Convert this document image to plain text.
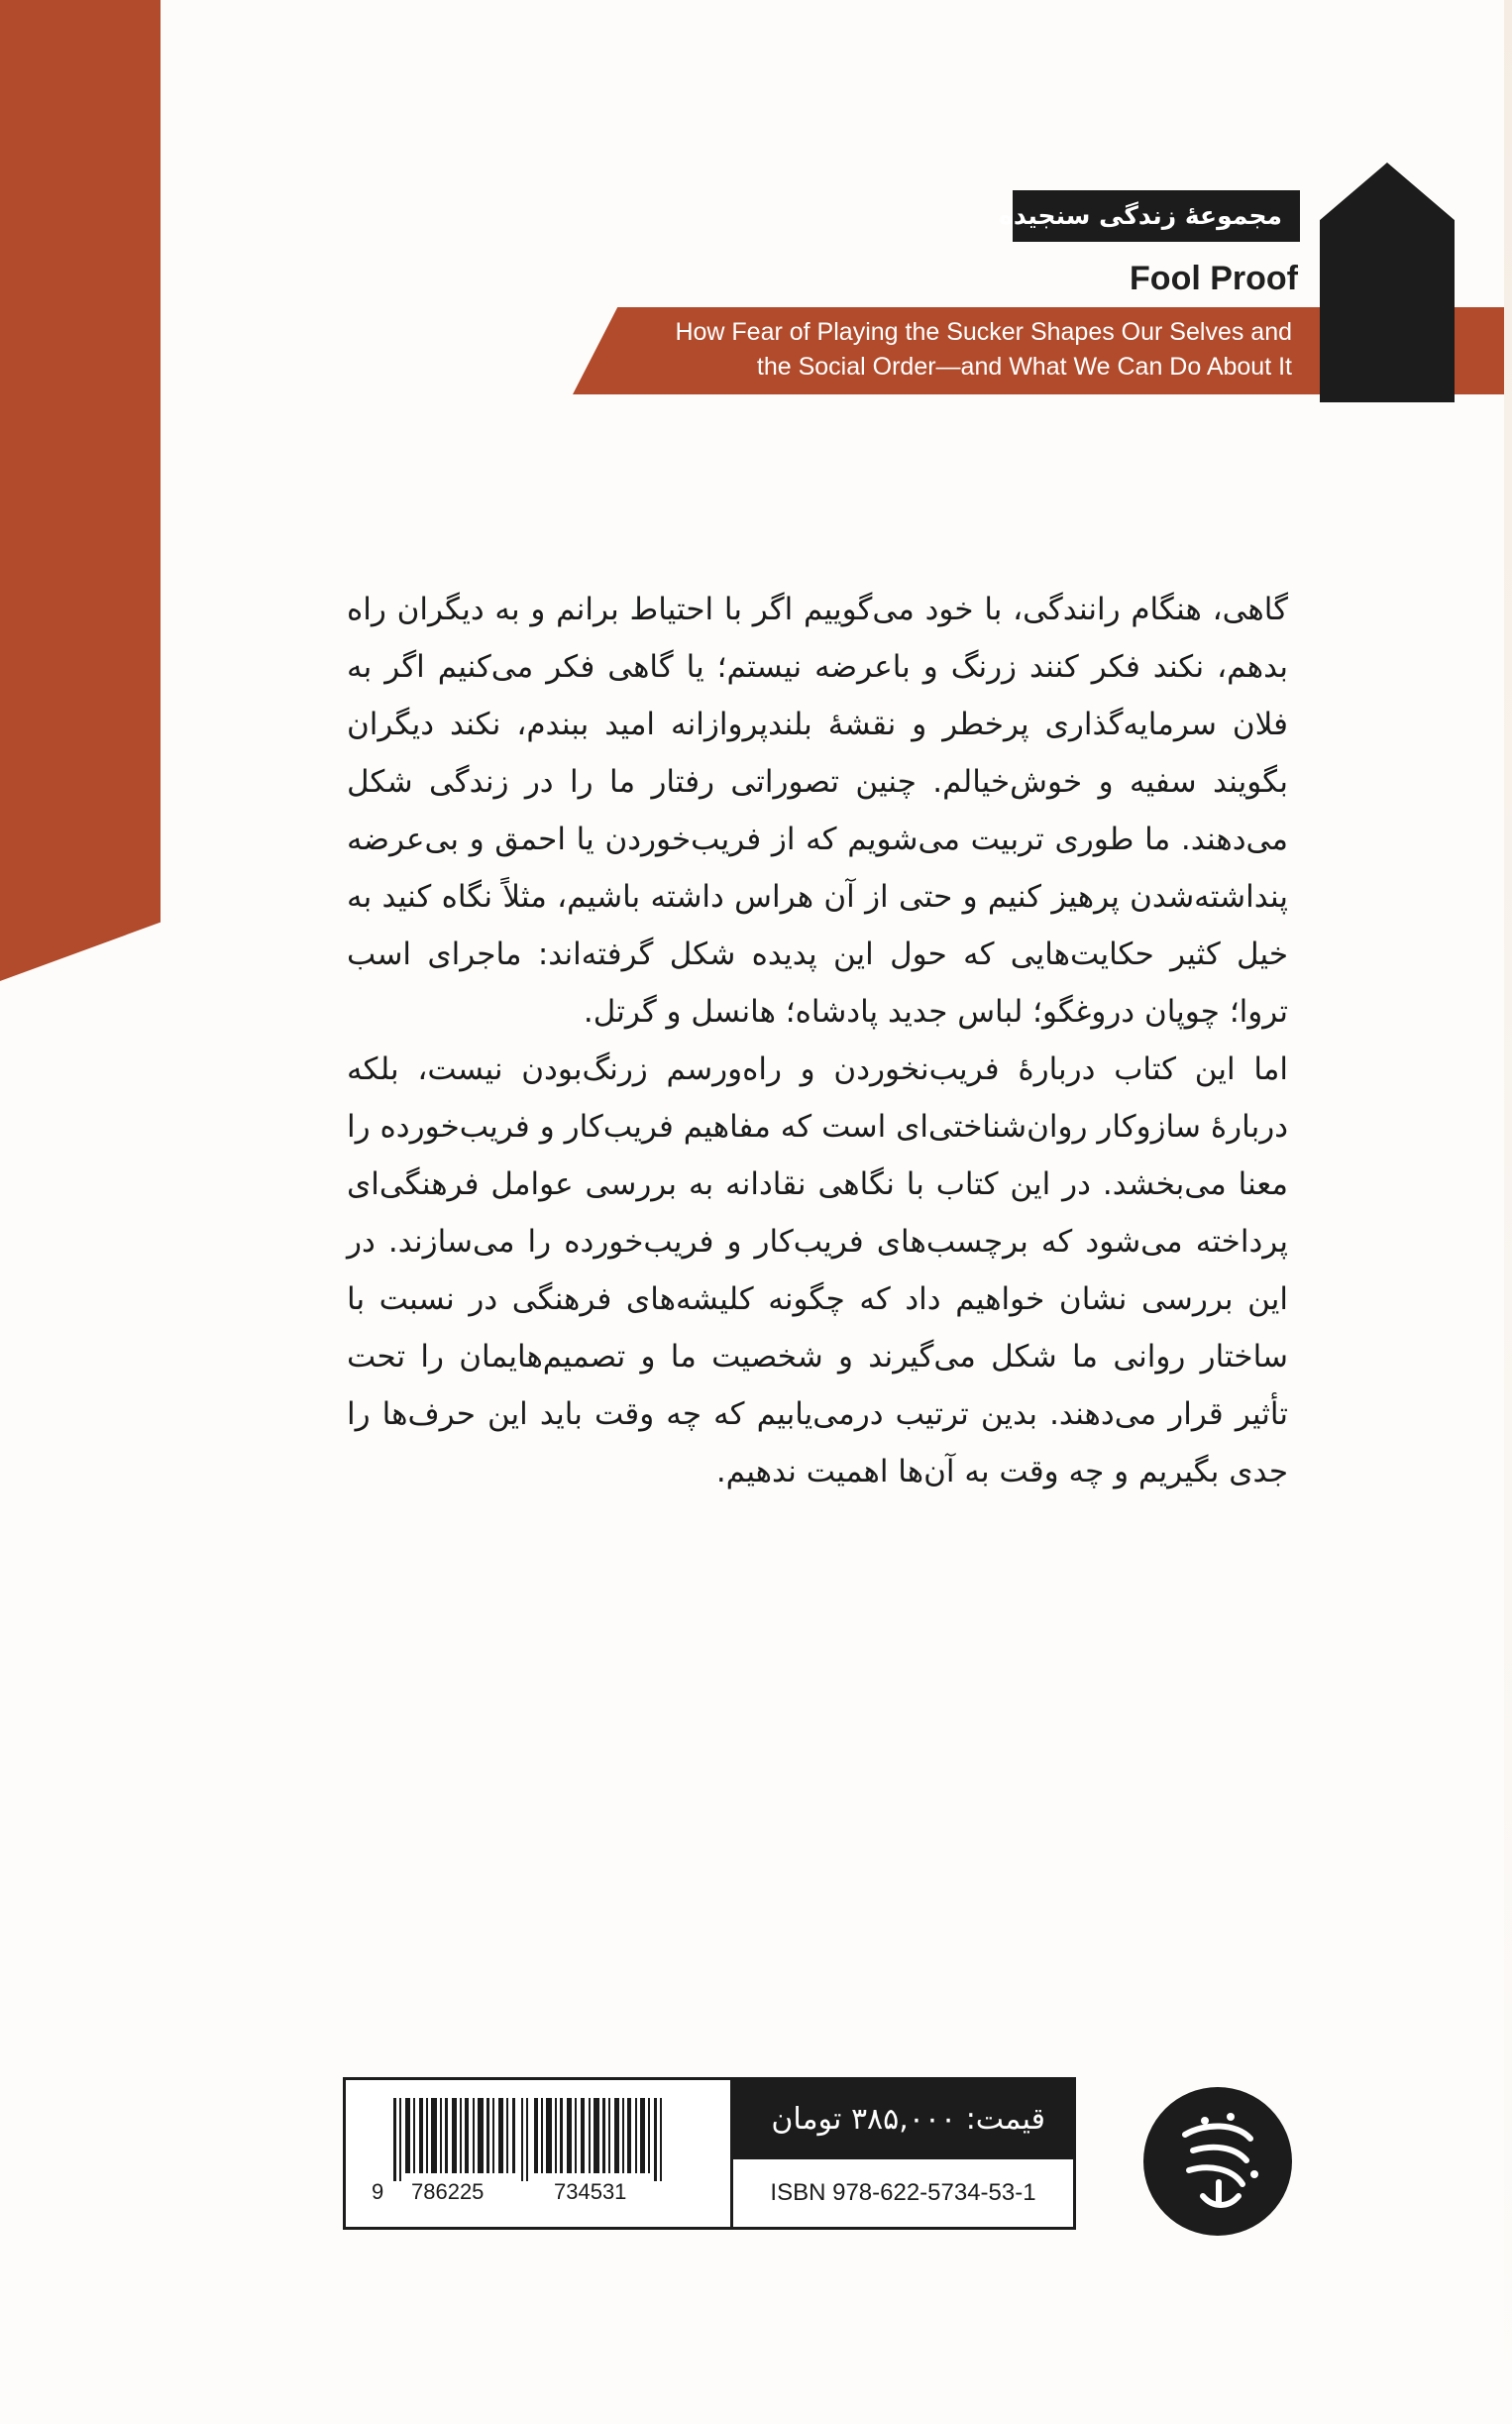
مجموعهٔ زندگی سنجیده
Fool Proof
How Fear of Playing the Sucker Shapes Our Selves and
the Social Order—and What We Can Do About It

گاهی، هنگام رانندگی، با خود می‌گوییم اگر با احتیاط برانم و به دیگران راه بدهم، نکند فکر کنند زرنگ و باعرضه نیستم؛ یا گاهی فکر می‌کنیم اگر به فلان سرمایه‌گذاری پرخطر و نقشهٔ بلندپروازانه امید ببندم، نکند دیگران بگویند سفیه و خوش‌خیالم. چنین تصوراتی رفتار ما را در زندگی شکل می‌دهند. ما طوری تربیت می‌شویم که از فریب‌خوردن یا احمق و بی‌عرضه پنداشته‌شدن پرهیز کنیم و حتی از آن هراس داشته باشیم، مثلاً نگاه کنید به خیل کثیر حکایت‌هایی که حول این پدیده شکل گرفته‌اند: ماجرای اسب تروا؛ چوپان دروغگو؛ لباس جدید پادشاه؛ هانسل و گرتل.

اما این کتاب دربارهٔ فریب‌نخوردن و راه‌ورسم زرنگ‌بودن نیست، بلکه دربارهٔ سازوکار روان‌شناختی‌ای است که مفاهیم فریب‌کار و فریب‌خورده را معنا می‌بخشد. در این کتاب با نگاهی نقادانه به بررسی عوامل فرهنگی‌ای پرداخته می‌شود که برچسب‌های فریب‌کار و فریب‌خورده را می‌سازند. در این بررسی نشان خواهیم داد که چگونه کلیشه‌های فرهنگی در نسبت با ساختار روانی ما شکل می‌گیرند و شخصیت ما و تصمیم‌هایمان را تحت تأثیر قرار می‌دهند. بدین ترتیب درمی‌یابیم که چه وقت باید این حرف‌ها را جدی بگیریم و چه وقت به آن‌ها اهمیت ندهیم.

9 786225	734531
قیمت: ۳۸۵,۰۰۰ تومان
ISBN 978-622-5734-53-1
